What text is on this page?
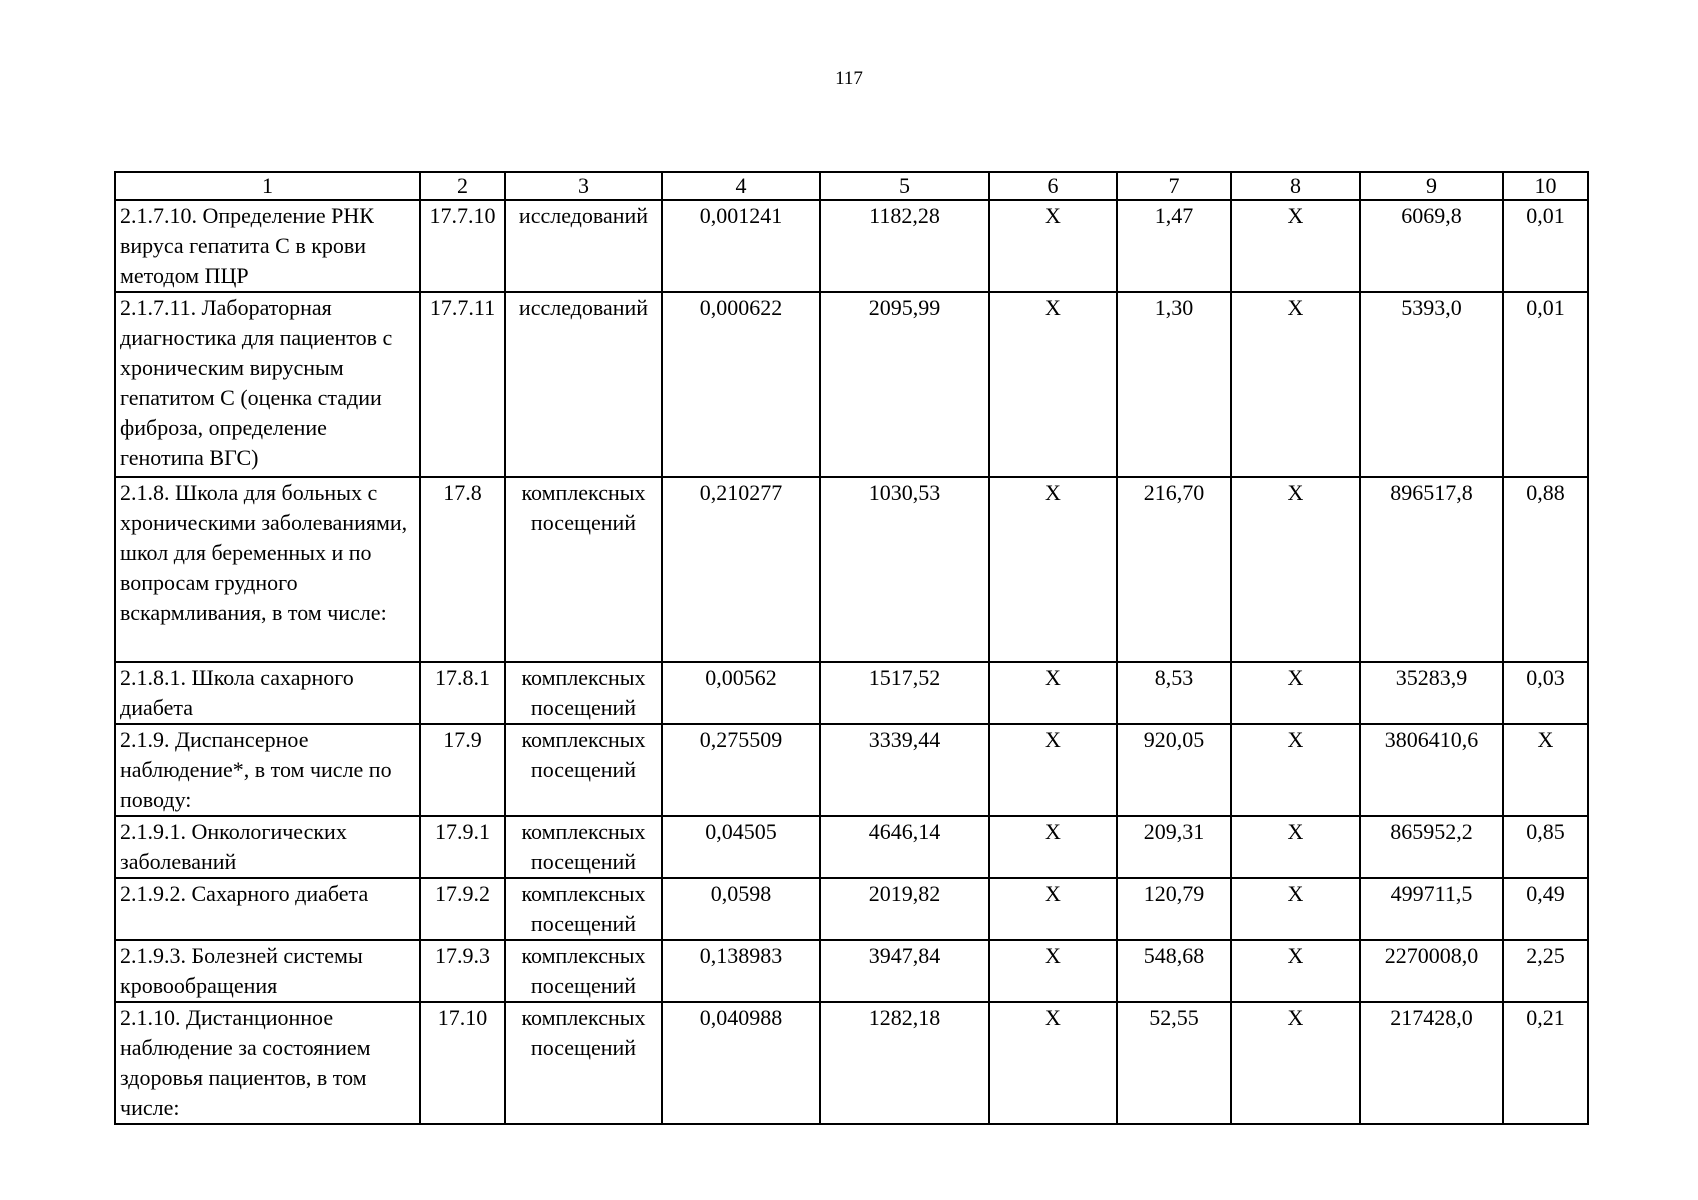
117
1	2	3	4	5	6	7	8	9	10
2.1.7.10. Определение РНК вируса гепатита С в крови методом ПЦР	17.7.10	исследований	0,001241	1182,28	Х	1,47	Х	6069,8	0,01
2.1.7.11. Лабораторная диагностика для пациентов с хроническим вирусным гепатитом С (оценка стадии фиброза, определение генотипа ВГС)	17.7.11	исследований	0,000622	2095,99	Х	1,30	Х	5393,0	0,01
2.1.8. Школа для больных с хроническими заболеваниями, школ для беременных и по вопросам грудного вскармливания, в том числе:	17.8	комплексных посещений	0,210277	1030,53	Х	216,70	Х	896517,8	0,88
2.1.8.1. Школа сахарного диабета	17.8.1	комплексных посещений	0,00562	1517,52	Х	8,53	Х	35283,9	0,03
2.1.9. Диспансерное наблюдение*, в том числе по поводу:	17.9	комплексных посещений	0,275509	3339,44	Х	920,05	Х	3806410,6	Х
2.1.9.1. Онкологических заболеваний	17.9.1	комплексных посещений	0,04505	4646,14	Х	209,31	Х	865952,2	0,85
2.1.9.2. Сахарного диабета	17.9.2	комплексных посещений	0,0598	2019,82	Х	120,79	Х	499711,5	0,49
2.1.9.3. Болезней системы кровообращения	17.9.3	комплексных посещений	0,138983	3947,84	Х	548,68	Х	2270008,0	2,25
2.1.10. Дистанционное наблюдение за состоянием здоровья пациентов, в том числе:	17.10	комплексных посещений	0,040988	1282,18	Х	52,55	Х	217428,0	0,21
